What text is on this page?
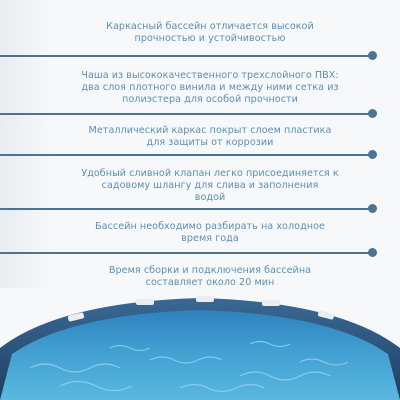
Каркасный бассейн отличается высокой
прочностью и устойчивостью
Чаша из высококачественного трехслойного ПВХ:
два слоя плотного винила и между ними сетка из
полиэстера для особой прочности
Металлический каркас покрыт слоем пластика
для защиты от коррозии
Удобный сливной клапан легко присоединяется к
садовому шлангу для слива и заполнения
водой
Бассейн необходимо разбирать на холодное
время года
Время сборки и подключения бассейна
составляет около 20 мин
